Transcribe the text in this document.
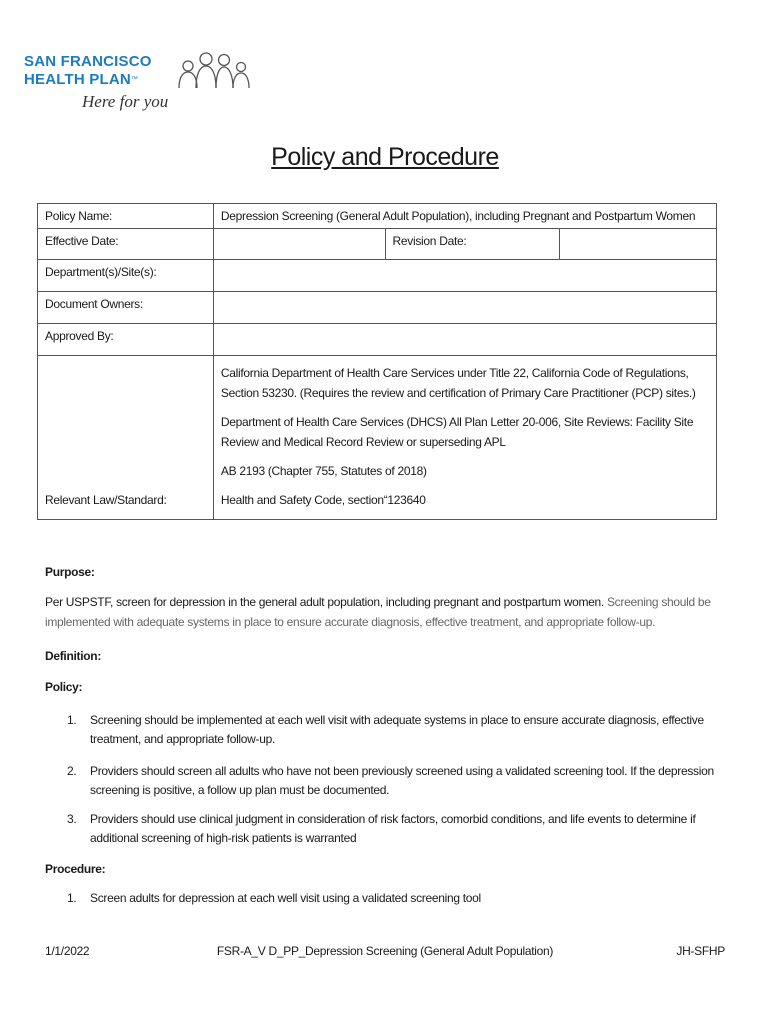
SAN FRANCISCO
HEALTH PLAN™
Here for you
Policy and Procedure
Policy Name:	Depression Screening (General Adult Population), including Pregnant and Postpartum Women		
Effective Date:		Revision Date:	
Department(s)/Site(s):			
Document Owners:			
Approved By:			
Relevant Law/Standard:	California Department of Health Care Services under Title 22, California Code of Regulations, Section 53230. (Requires the review and certification of Primary Care Practitioner (PCP) sites.)
Department of Health Care Services (DHCS) All Plan Letter 20-006, Site Reviews: Facility Site Review and Medical Record Review or superseding APL
AB 2193 (Chapter 755, Statutes of 2018)
Health and Safety Code, section“123640		
Purpose:
Per USPSTF, screen for depression in the general adult population, including pregnant and postpartum women. Screening should be implemented with adequate systems in place to ensure accurate diagnosis, effective treatment, and appropriate follow-up.
Definition:
Policy:
1. Screening should be implemented at each well visit with adequate systems in place to ensure accurate diagnosis, effective treatment, and appropriate follow-up.
2. Providers should screen all adults who have not been previously screened using a validated screening tool. If the depression screening is positive, a follow up plan must be documented.
3. Providers should use clinical judgment in consideration of risk factors, comorbid conditions, and life events to determine if additional screening of high-risk patients is warranted
Procedure:
1. Screen adults for depression at each well visit using a validated screening tool
1/1/2022	FSR-A_V D_PP_Depression Screening (General Adult Population)	JH-SFHP
